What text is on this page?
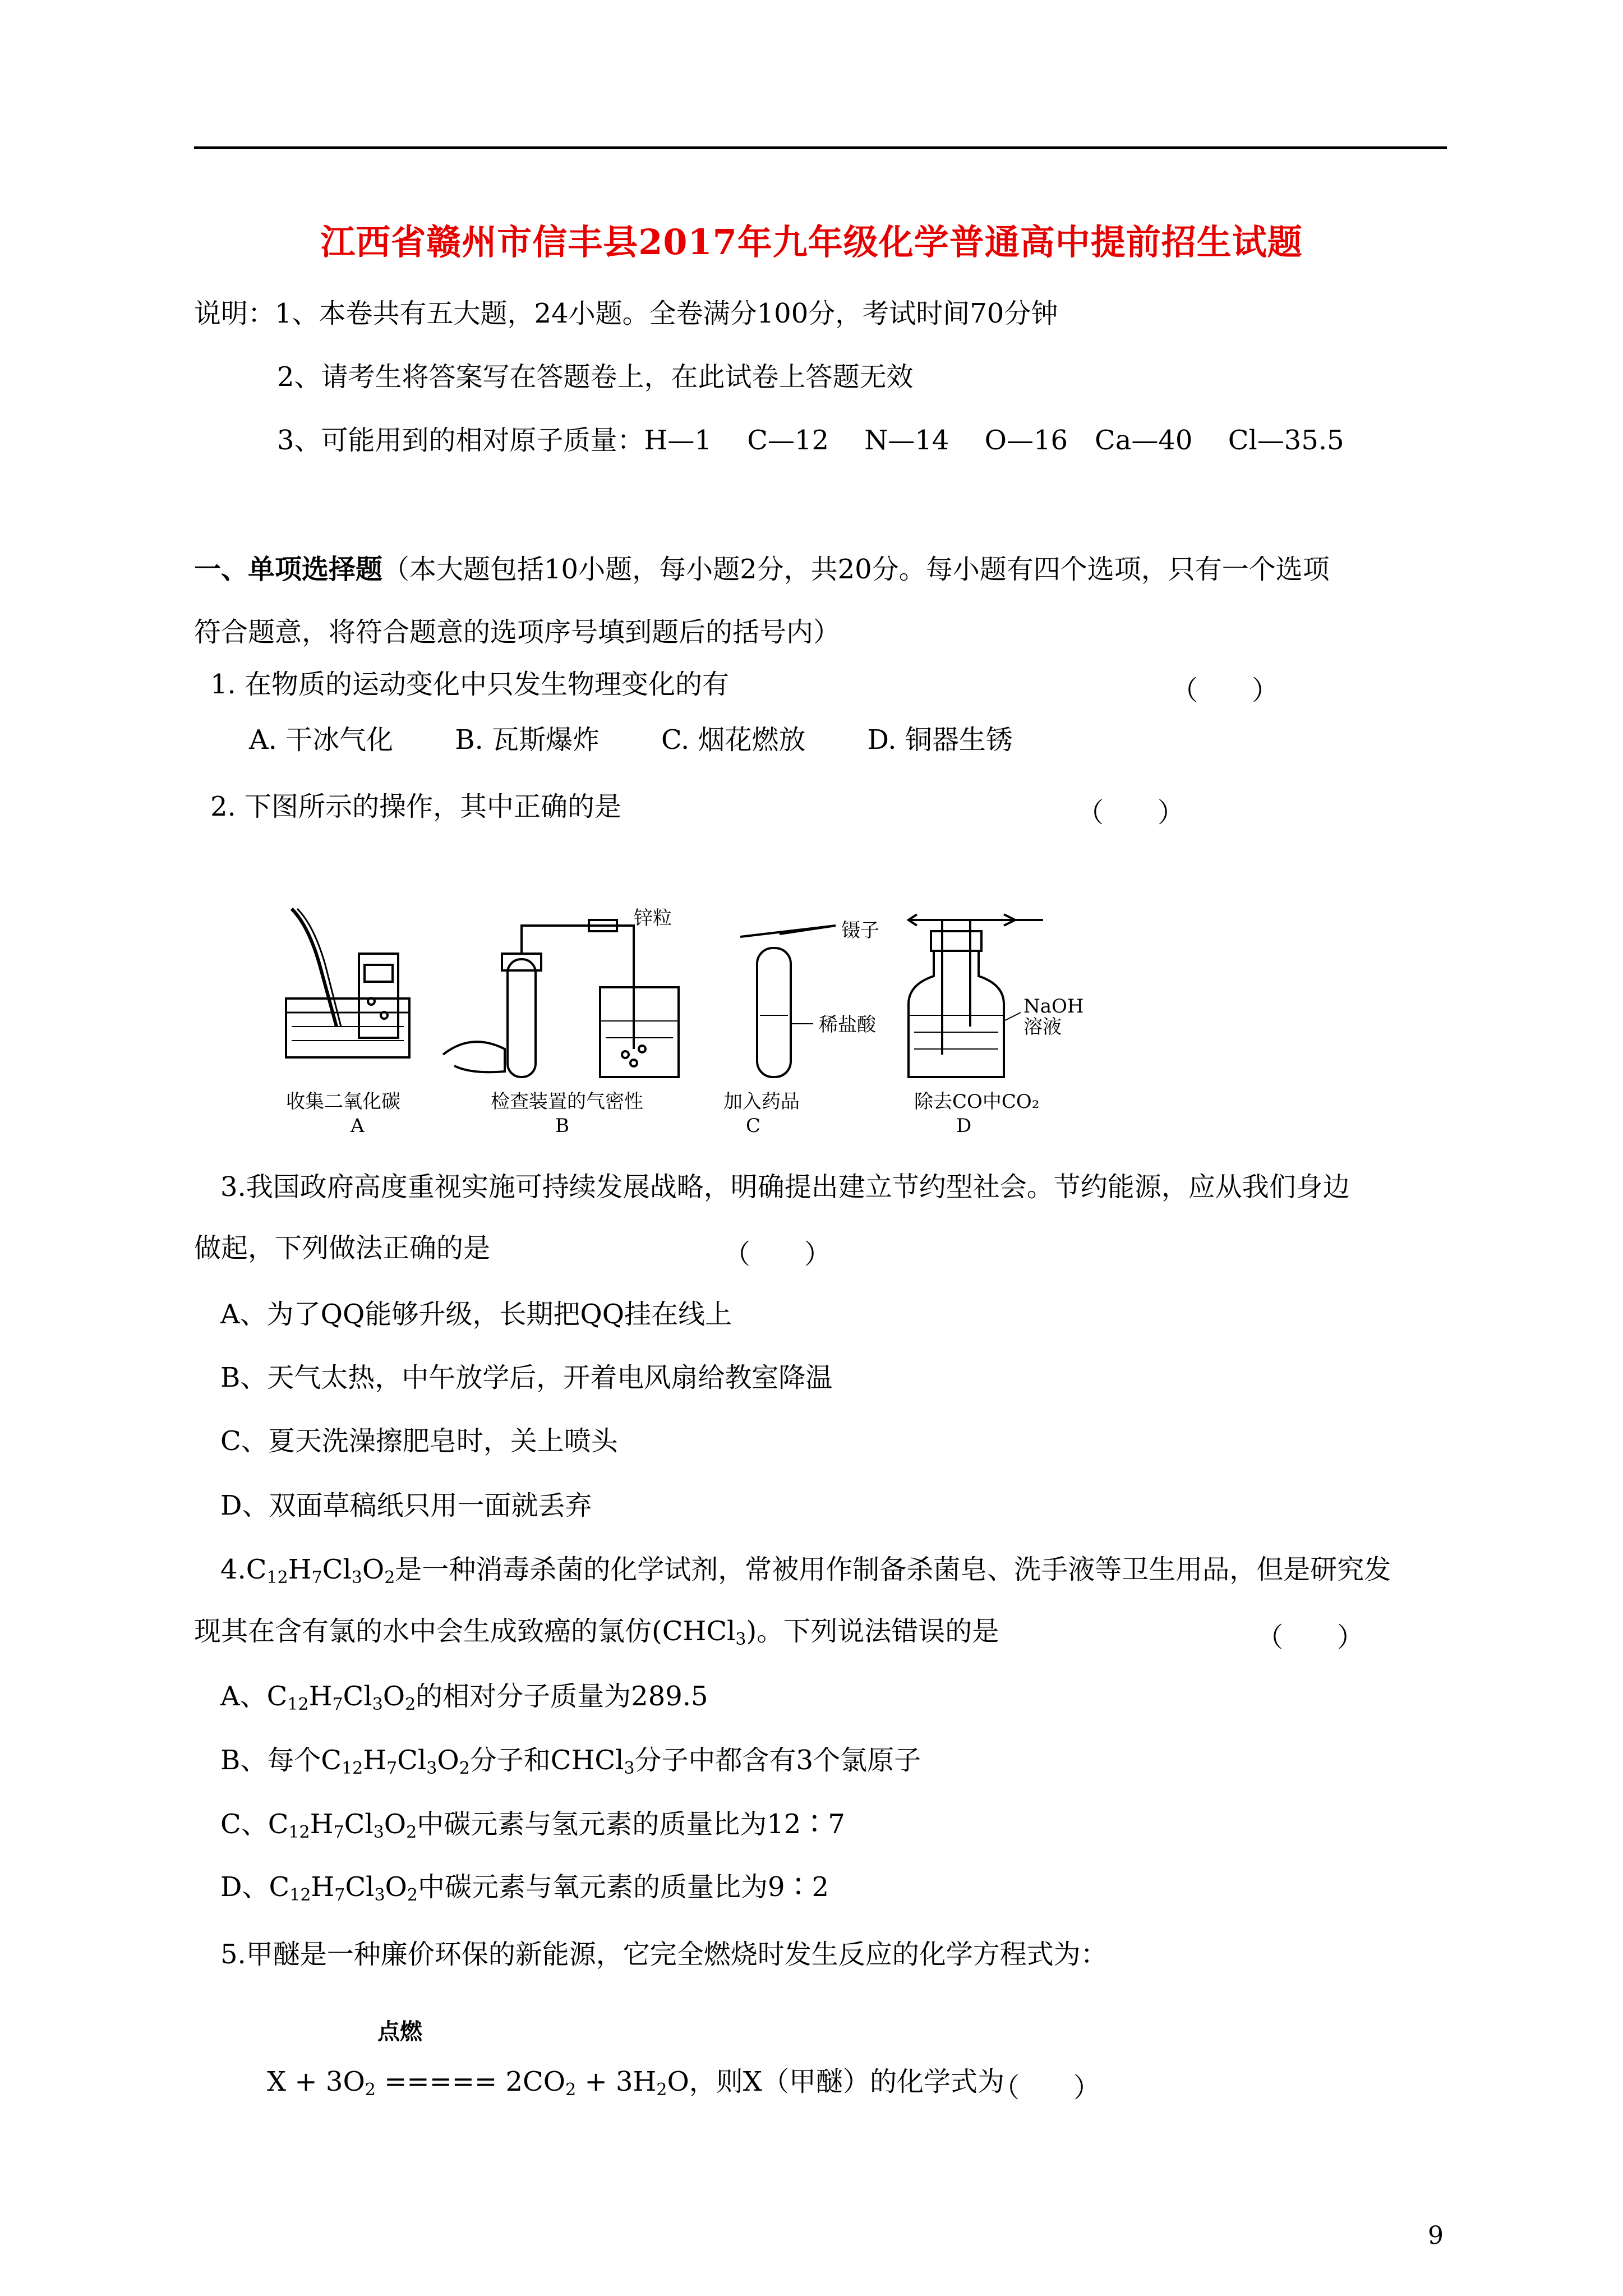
江西省赣州市信丰县2017年九年级化学普通高中提前招生试题
说明：1、本卷共有五大题，24小题。全卷满分100分，考试时间70分钟
2、请考生将答案写在答题卷上，在此试卷上答题无效
3、可能用到的相对原子质量：H—1　 C—12　 N—14　 O—16　Ca—40　 Cl—35.5
一、单项选择题（本大题包括10小题，每小题2分，共20分。每小题有四个选项，只有一个选项
符合题意，将符合题意的选项序号填到题后的括号内）
1. 在物质的运动变化中只发生物理变化的有	（　　）
A. 干冰气化 B. 瓦斯爆炸 C. 烟花燃放 D. 铜器生锈
2. 下图所示的操作，其中正确的是	（　　）
锌粒
镊子
稀盐酸
NaOH
溶液
收集二氧化碳	检查装置的气密性	加入药品	除去CO中CO₂
A	B	C	D
3.我国政府高度重视实施可持续发展战略，明确提出建立节约型社会。节约能源，应从我们身边
做起，下列做法正确的是	（　　）
A、为了QQ能够升级，长期把QQ挂在线上
B、天气太热，中午放学后，开着电风扇给教室降温
C、夏天洗澡擦肥皂时，关上喷头
D、双面草稿纸只用一面就丢弃
$4.C_{12}H_7Cl_3O_2$是一种消毒杀菌的化学试剂，常被用作制备杀菌皂、洗手液等卫生用品，但是研究发
现其在含有氯的水中会生成致癌的氯仿(CHCl$_3$)。下列说法错误的是	（　　）
A、$C_{12}H_7Cl_3O_2$的相对分子质量为289.5
B、每个$C_{12}H_7Cl_3O_2$分子和CHCl$_3$分子中都含有3个氯原子
C、$C_{12}H_7Cl_3O_2$中碳元素与氢元素的质量比为12∶7
D、$C_{12}H_7Cl_3O_2$中碳元素与氧元素的质量比为9∶2
5.甲醚是一种廉价环保的新能源，它完全燃烧时发生反应的化学方程式为：
点燃
$X + 3O_2$ ===== $2CO_2 + 3H_2O$，则X（甲醚）的化学式为
（　　）
9
